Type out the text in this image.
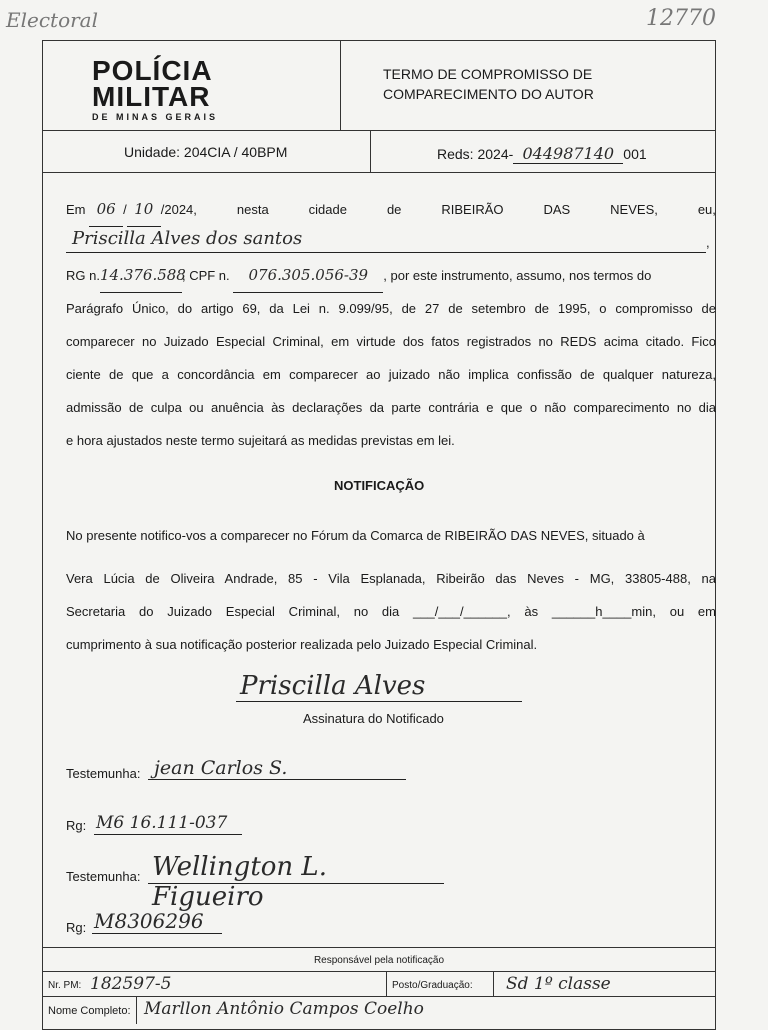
Electoral	12770
POLÍCIA
MILITAR
DE MINAS GERAIS
TERMO DE COMPROMISSO DE
COMPARECIMENTO DO AUTOR
Unidade: 204CIA / 40BPM	Reds: 2024- 044987140 001
Em 06 / 10 /2024,	nesta	cidade	de	RIBEIRÃO	DAS	NEVES,	eu,
Priscilla Alves dos santos	,
RG n.14.376.588, CPF n. 076.305.056-39 , por este instrumento, assumo, nos termos do
Parágrafo Único, do artigo 69, da Lei n. 9.099/95, de 27 de setembro de 1995, o compromisso de
comparecer no Juizado Especial Criminal, em virtude dos fatos registrados no REDS acima citado. Fico
ciente de que a concordância em comparecer ao juizado não implica confissão de qualquer natureza,
admissão de culpa ou anuência às declarações da parte contrária e que o não comparecimento no dia
e hora ajustados neste termo sujeitará as medidas previstas em lei.
NOTIFICAÇÃO
No presente notifico-vos a comparecer no Fórum da Comarca de RIBEIRÃO DAS NEVES, situado à
Vera Lúcia de Oliveira Andrade, 85 - Vila Esplanada, Ribeirão das Neves - MG, 33805-488, na
Secretaria do Juizado Especial Criminal, no dia ___/___/______, às ______h____min, ou em
cumprimento à sua notificação posterior realizada pelo Juizado Especial Criminal.
Priscilla Alves
Assinatura do Notificado
Testemunha: jean Carlos S.
Rg: M6 16.111-037
Testemunha: Wellington L. Figueiro
Rg: M8306296
Responsável pela notificação
Nr. PM: 182597-5	Posto/Graduação: Sd 1º classe
Nome Completo: Marllon Antônio Campos Coelho
